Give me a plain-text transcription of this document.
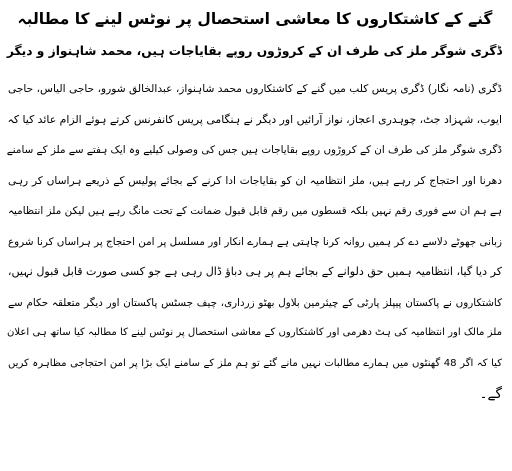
گنے کے کاشتکاروں کا معاشی استحصال پر نوٹس لینے کا مطالبہ
ڈگری شوگر ملز کی طرف ان کے کروڑوں روپے بقایاجات ہیں، محمد شاہنواز و دیگر
ڈگری (نامہ نگار) ڈگری پریس کلب میں گنے کے کاشتکاروں محمد شاہنواز، عبدالخالق شورو، حاجی الیاس، حاجی
ایوب، شہزاد جٹ، چوہدری اعجاز، نواز آرائیں اور دیگر نے ہنگامی پریس کانفرنس کرتے ہوئے الزام عائد کیا کہ
ڈگری شوگر ملز کی طرف ان کے کروڑوں روپے بقایاجات ہیں جس کی وصولی کیلیے وہ ایک ہفتے سے ملز کے سامنے
دھرنا اور احتجاج کر رہے ہیں، ملز انتظامیہ ان کو بقایاجات ادا کرنے کے بجائے پولیس کے ذریعے ہراساں کر رہی
ہے ہم ان سے فوری رقم نہیں بلکہ قسطوں میں رقم قابل قبول ضمانت کے تحت مانگ رہے ہیں لیکن ملز انتظامیہ
زبانی جھوٹے دلاسے دے کر ہمیں روانہ کرنا چاہتی ہے ہمارے انکار اور مسلسل پر امن احتجاج پر ہراساں کرنا شروع
کر دیا گیا، انتظامیہ ہمیں حق دلوانے کے بجائے ہم پر ہی دباؤ ڈال رہی ہے جو کسی صورت قابل قبول نہیں،
کاشتکاروں نے پاکستان پیپلز پارٹی کے چیئرمین بلاول بھٹو زرداری، چیف جسٹس پاکستان اور دیگر متعلقہ حکام سے
ملز مالک اور انتظامیہ کی ہٹ دھرمی اور کاشتکاروں کے معاشی استحصال پر نوٹس لینے کا مطالبہ کیا ساتھ ہی اعلان
کیا کہ اگر 48 گھنٹوں میں ہمارے مطالبات نہیں مانے گئے تو ہم ملز کے سامنے ایک بڑا پر امن احتجاجی مظاہرہ کریں
گے۔
